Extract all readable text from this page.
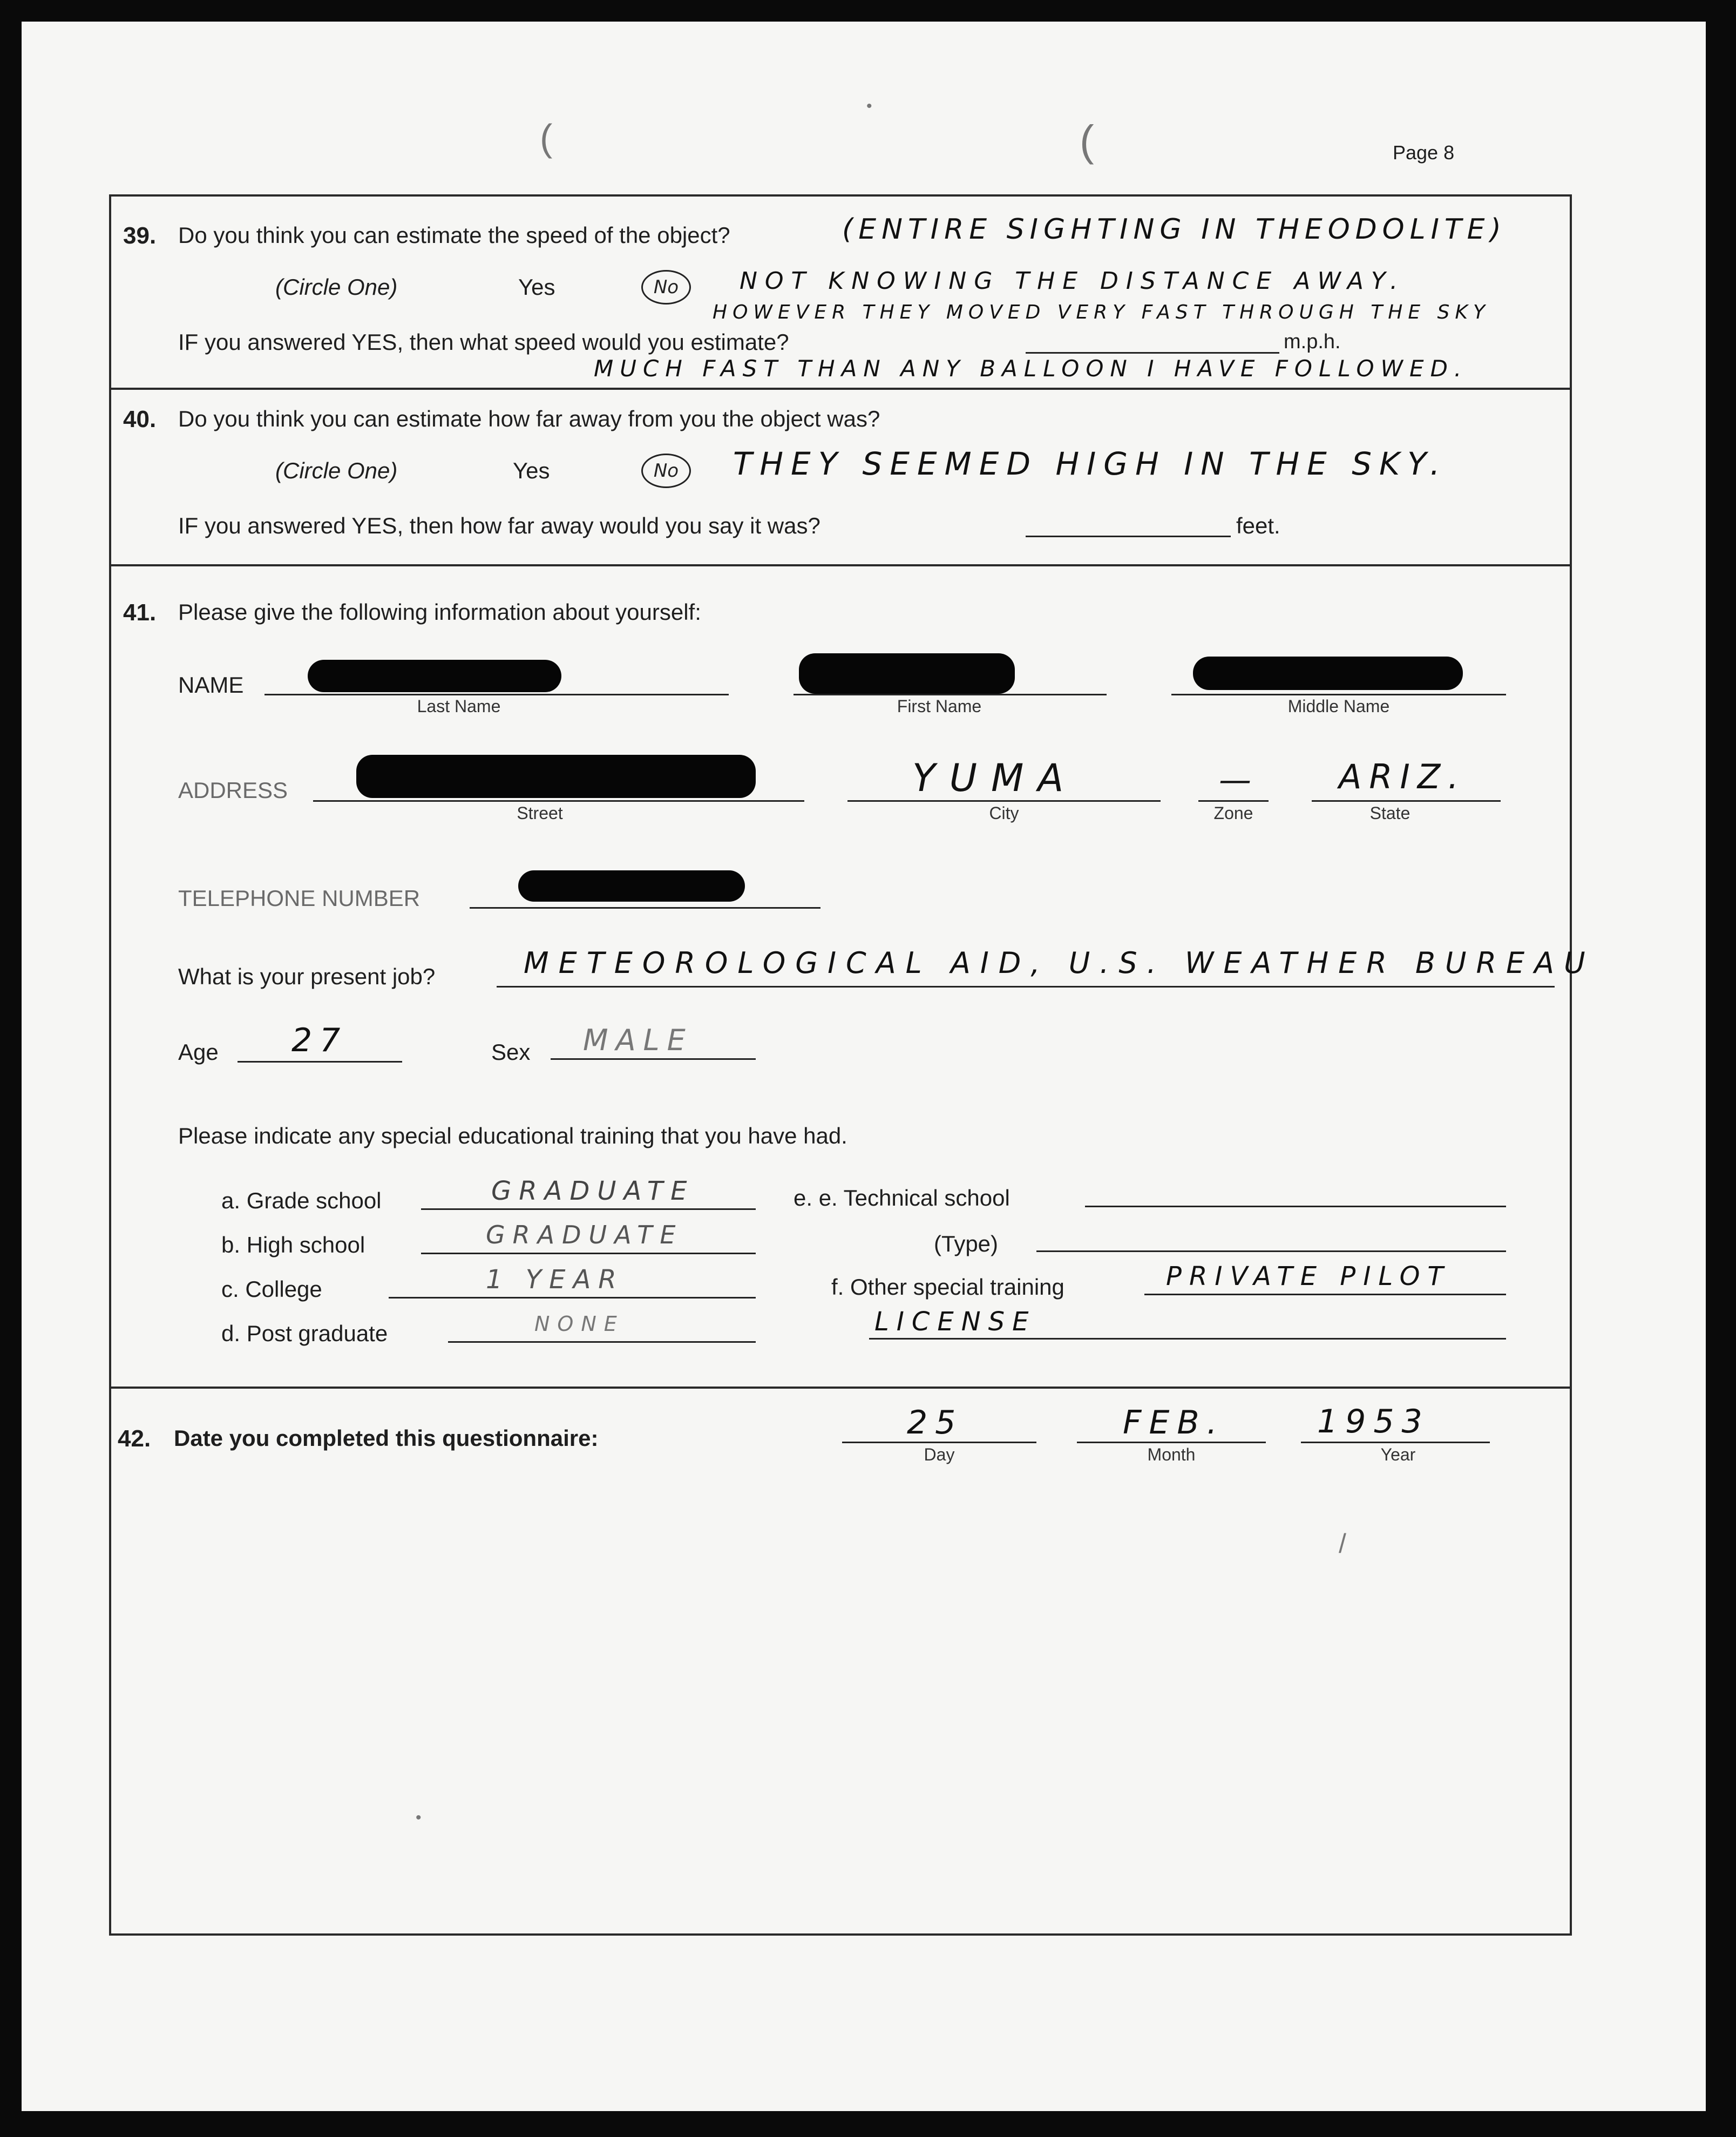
Page 8
39. Do you think you can estimate the speed of the object?	(ENTIRE SIGHTING IN THEODOLITE)
(Circle One)	Yes	No	NOT KNOWING THE DISTANCE AWAY.
HOWEVER THEY MOVED VERY FAST THROUGH THE SKY
IF you answered YES, then what speed would you estimate?	m.p.h.
MUCH FAST THAN ANY BALLOON I HAVE FOLLOWED.
40. Do you think you can estimate how far away from you the object was?
(Circle One)	Yes	No	THEY SEEMED HIGH IN THE SKY.
IF you answered YES, then how far away would you say it was?	feet.
41. Please give the following information about yourself:
NAME
Last Name	First Name	Middle Name
ADDRESS
Street
YUMA
City
—
Zone
ARIZ.
State
TELEPHONE NUMBER
What is your present job?	METEOROLOGICAL AID, U.S. WEATHER BUREAU
Age 27	Sex MALE
Please indicate any special educational training that you have had.
a. Grade school	GRADUATE
b. High school	GRADUATE
c. College	1 YEAR
d. Post graduate	NONE
e. e. Technical school
(Type)
f. Other special training	PRIVATE PILOT
LICENSE
42. Date you completed this questionnaire:	25
Day
FEB.
Month
1953
Year
(	(
•
/
•
